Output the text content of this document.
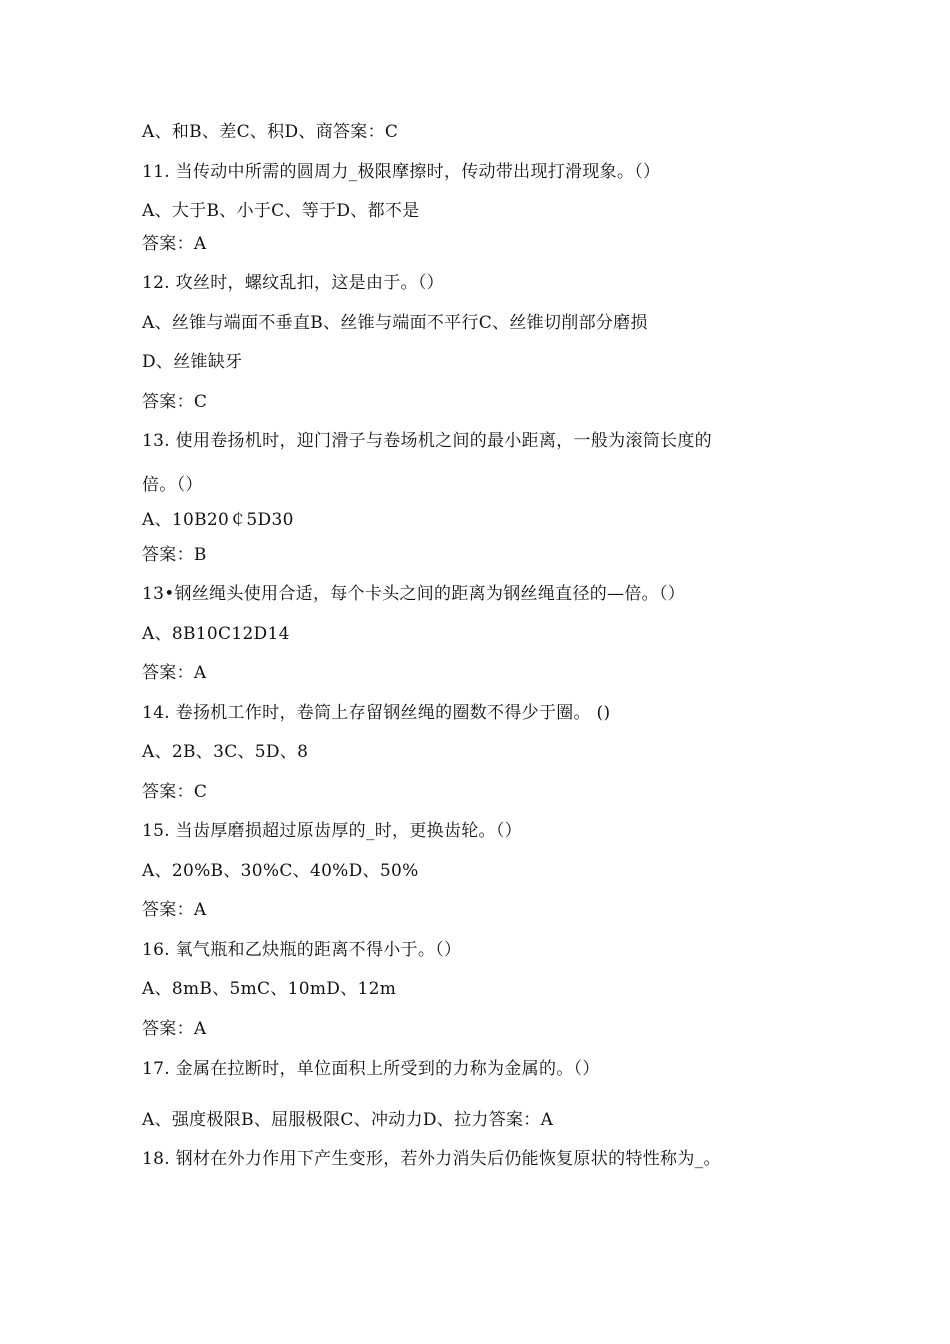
A、和B、差C、积D、商答案：C
11. 当传动中所需的圆周力_极限摩擦时，传动带出现打滑现象。（）
A、大于B、小于C、等于D、都不是
答案：A
12. 攻丝时，螺纹乱扣，这是由于。（）
A、丝锥与端面不垂直B、丝锥与端面不平行C、丝锥切削部分磨损
D、丝锥缺牙
答案：C
13. 使用卷扬机时，迎门滑子与卷场机之间的最小距离，一般为滚筒长度的
倍。（）
A、10B20￠5D30
答案：B
13•钢丝绳头使用合适，每个卡头之间的距离为钢丝绳直径的—倍。（）
A、8B10C12D14
答案：A
14. 卷扬机工作时，卷筒上存留钢丝绳的圈数不得少于圈。 ()
A、2B、3C、5D、8
答案：C
15. 当齿厚磨损超过原齿厚的_时，更换齿轮。（）
A、20%B、30%C、40%D、50%
答案：A
16. 氧气瓶和乙炔瓶的距离不得小于。（）
A、8mB、5mC、10mD、12m
答案：A
17. 金属在拉断时，单位面积上所受到的力称为金属的。（）
A、强度极限B、屈服极限C、冲动力D、拉力答案：A
18. 钢材在外力作用下产生变形，若外力消失后仍能恢复原状的特性称为_。
